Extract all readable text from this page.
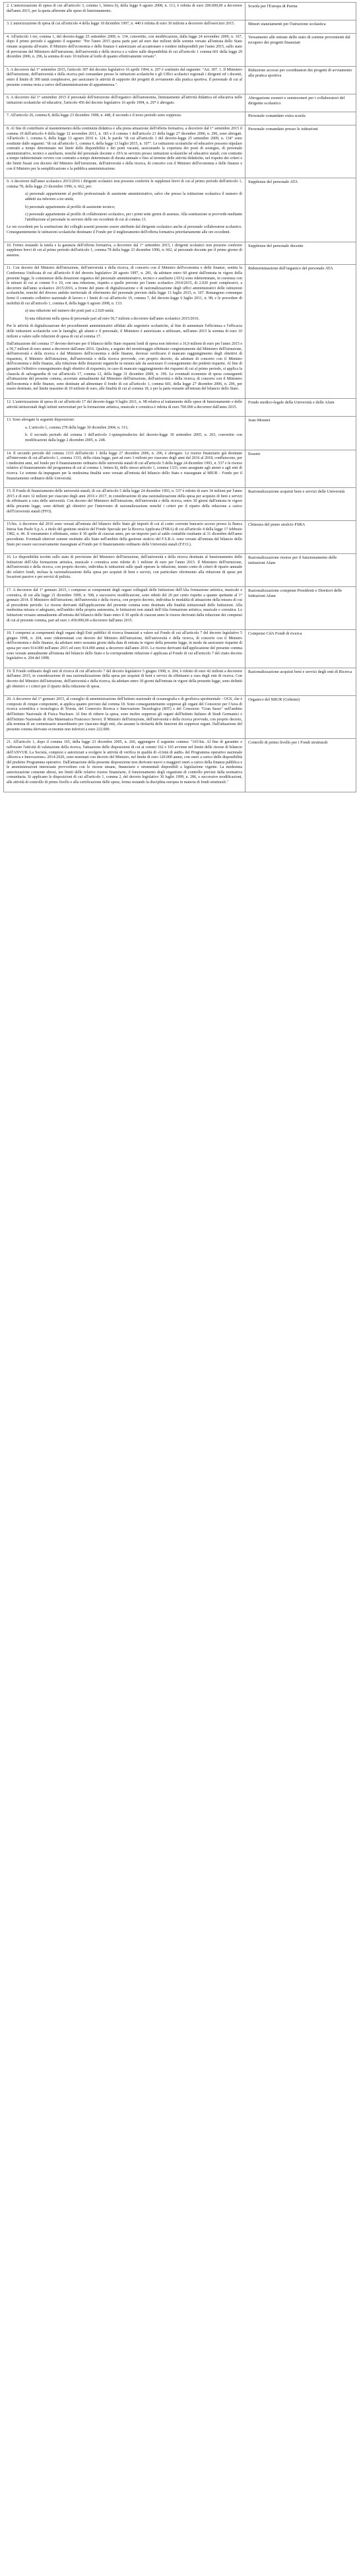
2. L'autorizzazione di spesa di cui all'articolo 3, comma 1, lettera b), della legge 9 agosto 2008, n. 113, è ridotta di euro 200.000,00 a decorrere dall'anno 2015, per la quota afferente alle spese di funzionamento.	Scuola per l'Europa di Parma

3. L'autorizzazione di spesa di cui all'articolo 4 della legge 18 dicembre 1997, n. 440 è ridotta di euro 30 milioni a decorrere dall'esercizio 2015.	Minori stanziamenti per l'istruzione scolastica

4. All'articolo 1-ter, comma 1, del decreto-legge 25 settembre 2009, n. 134, convertito, con modificazioni, dalla legge 24 novembre 2009, n. 167, dopo il primo periodo è aggiunto il seguente: "Per l'anno 2015 quota parte pari ad euro due milioni delle somme versate all'entrata dello Stato rimane acquisita all'erario. Il Ministro dell'economia e delle finanze è autorizzato ad accantonare e rendere indisponibili per l'anno 2015, sullo stato di previsione del Ministero dell'istruzione, dell'università e della ricerca e a valere sulle disponibilità di cui all'articolo 1 comma 601 della legge 29 dicembre 2006, n. 296, la somma di euro 10 milioni al lordo di quanto effettivamente versato".	Versamento alle entrate dello stato di somme provenienti dal recupero dei progetti finanziati

5. A decorrere dal 1° settembre 2015, l'articolo 307 del decreto legislativo 16 aprile 1994, n. 297 è sostituito dal seguente: "Art. 307. 1. Il Ministero dell'istruzione, dell'università e della ricerca può comandare presso le istituzioni scolastiche e gli Uffici scolastici regionali i dirigenti ed i docenti, entro il limite di 300 unità complessive, per assicurare le attività di supporto dei progetti di avviamento alla pratica sportiva. Il personale di cui al presente comma resta a carico dell'amministrazione di appartenenza.".	Riduzione accessi per coordinatori dei progetti di avviamento alla pratica sportiva

6. A decorrere dal 1° settembre 2015 il personale dell'istruzione dell'organico dell'autonomia, limitatamente all'attività didattica ed educativa nelle istituzioni scolastiche ed educative, l'articolo 456 del decreto legislativo 16 aprile 1994, n. 297 è abrogato.	Abrogazione esoneri e semiesoneri per i collaboratori del dirigente scolastico

7. All'articolo 26, comma 8, della legge 23 dicembre 1998, n. 448, il secondo e il terzo periodo sono soppressi.	Personale comandato extra scuola

8. Al fine di contribuire al mantenimento della continuità didattica e alla piena attuazione dell'offerta formativa, a decorrere dal 1° settembre 2015 il comma 19 dell'articolo 4 della legge 12 novembre 2011, n. 183 e il comma 1 dell'articolo 21 della legge 27 dicembre 2006, n. 296, sono abrogati. All'articolo 1, comma 6, della legge 13 agosto 2010 n. 124, le parole "di cui all'articolo 1 del decreto-legge 25 settembre 2009, n. 134" sono sostituite dalle seguenti: "di cui all'articolo 1, comma 6, della legge 13 luglio 2015, n. 107". Le istituzioni scolastiche ed educative possono stipulare contratti a tempo determinato nei limiti delle disponibilità e dei posti vacanti, assicurando la copertura dei posti di sostegno, di personale amministrativo, tecnico e ausiliario, nonché del personale docente e ATA in servizio presso istituzioni scolastiche ed educative statali, con contratto a tempo indeterminato ovvero con contratto a tempo determinato di durata annuale o fino al termine delle attività didattiche, nel rispetto dei criteri e dei limiti fissati con decreto del Ministro dell'istruzione, dell'università e della ricerca, di concerto con il Ministro dell'economia e delle finanze e con il Ministro per la semplificazione e la pubblica amministrazione.	Personale comandato presso le istituzioni

9. A decorrere dall'anno scolastico 2015/2016 i dirigenti scolastici non possono conferire le supplenze brevi di cui al primo periodo dell'articolo 1, comma 78, della legge 23 dicembre 1996, n. 662, per:

a) personale appartenente al profilo professionale di assistente amministrativo, salvo che presso la istituzione scolastica il numero di addetti sia inferiore a tre unità;

b) personale appartenente al profilo di assistente tecnico;

c) personale appartenente al profilo di collaboratore scolastico, per i primi sette giorni di assenza. Alla sostituzione si provvede mediante l'attribuzione al personale in servizio delle ore eccedenti di cui al comma 13.

Le ore eccedenti per la sostituzione dei colleghi assenti possono essere attribuite dal dirigente scolastico anche al personale collaboratore scolastico. Conseguentemente le istituzioni scolastiche destinano il Fondo per il miglioramento dell'offerta formativa prioritariamente alle ore eccedenti.	Supplenze del personale ATA

10. Fermo restando la tutela e la garanzia dell'offerta formativa, a decorrere dal 1° settembre 2015, i dirigenti scolastici non possono conferire supplenze brevi di cui al primo periodo dell'articolo 1, comma 78 della legge 23 dicembre 1996, n. 662, al personale docente per il primo giorno di assenza.	Supplenze del personale docente

11. Con decreto del Ministro dell'istruzione, dell'università e della ricerca, di concerto con il Ministro dell'economia e delle finanze, sentita la Conferenza Unificata di cui all'articolo 8 del decreto legislativo 28 agosto 1997, n. 281, da adottare entro 60 giorni dall'entrata in vigore della presente legge, le consistenze della dotazione organica del personale amministrativo, tecnico e ausiliario (ATA) sono rideterminate, in coerenza con le misure di cui ai commi 9 e 10, con una riduzione, rispetto a quelle previste per l'anno scolastico 2014/2015, di 2.020 posti complessivi, a decorrere dall'anno scolastico 2015/2016, a fronte del piano di digitalizzazione e di razionalizzazione degli uffici amministrativi delle istituzioni scolastiche, nonché del diverso ambito territoriale di riferimento del personale previsto dalla legge 13 luglio 2015, n. 107. Rimangono comunque fermi il contratto collettivo nazionale di lavoro e i limiti di cui all'articolo 19, comma 7, del decreto-legge 6 luglio 2011, n. 98, e le procedure di mobilità di cui all'articolo 1, comma 8, della legge 6 agosto 2008, n. 133:

a) una riduzione nel numero dei posti pari a 2.020 unità;

b) una riduzione nella spesa di personale pari ad euro 50,7 milioni a decorrere dall'anno scolastico 2015/2016.

Per le attività di digitalizzazione dei procedimenti amministrativi affidati alle segreterie scolastiche, al fine di aumentare l'efficienza e l'efficacia delle istituzioni scolastiche con le famiglie, gli alunni e il personale, il Ministero è autorizzato a utilizzare, nell'anno 2015 la somma di euro 10 milioni a valere sulle riduzioni di spesa di cui al comma 17.

Dall'attuazione del comma 17 devono derivare per il bilancio dello Stato risparmi lordi di spesa non inferiori a 16,9 milioni di euro per l'anno 2015 e a 50,7 milioni di euro annui a decorrere dall'anno 2016. Qualora, a seguito del monitoraggio effettuato congiuntamente dal Ministero dell'istruzione, dell'università e della ricerca e dal Ministero dell'economia e delle finanze, dovesse verificarsi il mancato raggiungimento degli obiettivi di risparmio, il Ministro dell'istruzione, dell'università e della ricerca provvede, con proprio decreto, da adottare di concerto con il Ministro dell'economia e delle finanze, alla riduzione delle dotazioni organiche in misura tale da assicurare il conseguimento dei predetti risparmi. Al fine di garantire l'effettivo conseguimento degli obiettivi di risparmio, in caso di mancato raggiungimento dei risparmi di cui al primo periodo, si applica la clausola di salvaguardia di cui all'articolo 17, comma 12, della legge 31 dicembre 2009, n. 196. Le eventuali economie di spesa conseguenti all'attuazione del presente comma, accertate annualmente dal Ministero dell'istruzione, dell'università e della ricerca, di concerto con il Ministero dell'economia e delle finanze, sono destinate ad alimentare il fondo di cui all'articolo 1, comma 601, della legge 27 dicembre 2006, n. 296, per essere destinate, nel limite massimo di 10 milioni di euro, alle finalità di cui al comma 18, e per la parte restante all'entrata del bilancio dello Stato.	Rideterminazione dell'organico del personale ATA

12. L'autorizzazione di spesa di cui all'articolo 17 del decreto-legge 9 luglio 2011, n. 98 relativa al trattamento delle spese di funzionamento e delle attività istituzionali degli istituti universitari per la formazione artistica, musicale e coreutica è ridotta di euro 700.000 a decorrere dall'anno 2015.	Fondo medico-legale della Università e delle Afam

13. Sono abrogate le seguenti disposizioni:

a. L'articolo 1, comma 278 della legge 30 dicembre 2004, n. 311;

b. il secondo periodo del comma 3 dell'articolo 1-quinquiesdecies del decreto-legge 30 settembre 2005, n. 203, convertito con modificazioni dalla legge 2 dicembre 2005, n. 248.	Jean-Monnet

14. Il secondo periodo del comma 1333 dell'articolo 1 della legge 27 dicembre 2006, n. 296, è abrogato. Le risorse finanziarie già destinate all'intervento di cui all'articolo 1, comma 1333, della citata legge, pari ad euro 3 milioni per ciascuno degli anni dal 2016 al 2018, confluiscono, per i medesimi anni, nel fondo per il finanziamento ordinario delle università statali di cui all'articolo 5 della legge 24 dicembre 1993, n. 537 e le risorse relative al finanziamento del programma di cui al comma 1, lettera b), dello stesso articolo 1, comma 1333, sono assegnate agli atenei e agli enti di ricerca. Le somme da impegnare per la medesima finalità sono versate all'entrata del bilancio dello Stato e riassegnate al MIUR - Fondo per il finanziamento ordinario delle Università.	Erasmi

15. Il Fondo di finanziamento delle università statali, di cui all'articolo 5 della legge 24 dicembre 1993, n. 537 è ridotto di euro 34 milioni per l'anno 2015 e di euro 32 milioni per ciascuno degli anni 2016 e 2017, in considerazione di una razionalizzazione della spesa per acquisto di beni e servizi da effettuarsi a cura delle università. Con decreto del Ministero dell'istruzione, dell'università e della ricerca, entro 30 giorni dall'entrata in vigore della presente legge, sono definiti gli obiettivi per l'intervento di razionalizzazione nonché i criteri per il riparto della riduzione a carico dell'Università statali (FFO).	Razionalizzazione acquisti beni e servizi delle Università

15-bis. A decorrere dal 2016 sono versati all'entrata del bilancio dello Stato gli importi di cui al conto corrente bancario acceso presso la Banca Intesa San Paolo S.p.A. a titolo del gestione stralcio del Fondo Speciale per la Ricerca Applicata (FSRA) di cui all'articolo 4 della legge 17 febbraio 1982, n. 46. Il versamento è effettuato, entro il 30 aprile di ciascun anno, per un importo pari al saldo contabile risultante al 31 dicembre dell'anno precedente. Eventuali ulteriori somme restituite allo Stato nell'ambito della gestione stralcio del F.S.R.A. sono versate all'entrata del bilancio dello Stato per essere successivamente riassegnate al Fondo per il finanziamento ordinario delle Università statali (F.F.O.).	Chiusura del piano stralcio FSRA

16. Le disponibilità iscritte sullo stato di previsione del Ministero dell'istruzione, dell'università e della ricerca destinate al funzionamento delle Istituzioni dell'Alta formazione artistica, musicale e coreutica sono ridotte di 1 milione di euro per l'anno 2015. Il Ministero dell'istruzione, dell'università e della ricerca, con proprio decreto, individua le istituzioni sulle quali operare la riduzione, tenuto conto di criteri di riparto annuale dei relativi fondi, inclusa la razionalizzazione della spesa per acquisti di beni e servizi, con particolare riferimento alla riduzione di spese per locazioni passive e per servizi di pulizia.	Razionalizzazione risorse per il funzionamento delle istituzioni Afam

17. A decorrere dal 1° gennaio 2015, i compensi ai componenti degli organi collegiali delle Istituzioni dell'Alta formazione artistica, musicale e coreutica, di cui alla legge 21 dicembre 1999, n. 508, e successive modificazioni, sono ridotti del 20 per cento rispetto a quanto spettante al 1° gennaio 2014. Il Ministero dell'istruzione, dell'università e della ricerca, con proprio decreto, individua le modalità di attuazione della misura di cui al precedente periodo. Le risorse derivanti dall'applicazione del presente comma sono destinate alle finalità istituzionali delle Istituzioni. Alla medesima misura si adeguano, nell'ambito della propria autonomia, le Istituzioni non statali dell'Alta formazione artistica, musicale e coreutica. Le Istituzioni versano annualmente all'entrata del bilancio dello Stato entro il 30 aprile di ciascun anno le risorse derivanti dalla riduzione dei compensi di cui al presente comma, pari ad euro 1.450.000,00 a decorrere dall'anno 2015.	Razionalizzazione compensi Presidenti e Direttori delle Istituzioni Afam

18. I compensi ai componenti degli organi degli Enti pubblici di ricerca finanziati a valere sul Fondo di cui all'articolo 7 del decreto legislativo 5 giugno 1998, n. 204, sono rideterminati con decreto del Ministro dell'istruzione, dell'università e della ricerca, di concerto con il Ministro dell'economia e delle finanze, da adottare entro sessanta giorni dalla data di entrata in vigore della presente legge, in modo da assicurare risparmi di spesa per euro 914.000 nell'anno 2015 ed euro 914.000 annui a decorrere dall'anno 2016. Le risorse derivanti dall'applicazione del presente comma sono versate annualmente all'entrata del bilancio dello Stato e la corrispondente riduzione è applicata al Fondo di cui all'articolo 7 del citato decreto legislativo n. 204 del 1998.	Compensi CdA Fondi di ricerca

19. Il Fondo ordinario degli enti di ricerca di cui all'articolo 7 del decreto legislativo 5 giugno 1998, n. 204, è ridotto di euro 42 milioni a decorrere dall'anno 2015, in considerazione di una razionalizzazione della spesa per acquisti di beni e servizi da effettuarsi a cura degli enti di ricerca. Con decreto del Ministro dell'istruzione, dell'università e della ricerca, da adottare entro 30 giorni dall'entrata in vigore della presente legge, sono definiti gli obiettivi e i criteri per il riparto della riduzione di spesa.	Razionalizzazione acquisti beni e servizi degli enti di Ricerca

20. A decorrere dal 1° gennaio 2015, al consiglio di amministrazione dell'Istituto nazionale di oceanografia e di geofisica sperimentale - OGS, che è composto di cinque componenti, si applica quanto previsto dal comma 18. Sono conseguentemente soppressi gli organi del Consorzio per l'Area di ricerca scientifica e tecnologica di Trieste, del Consorzio Ricerca e Innovazione Tecnologica (RIT) e del Consorzio "Gran Sasso" nell'ambito dell'Istituto Nazionale di Fisica Nucleare. Al fine di ridurre la spesa, sono inoltre soppressi gli organi dell'Istituto Italiano di Studi Germanici e dell'Istituto Nazionale di Alta Matematica Francesco Severi. Il Ministro dell'istruzione, dell'università e della ricerca provvede, con proprio decreto, alla nomina di un commissario straordinario per ciascuno degli enti, che assume la titolarità delle funzioni dei soppressi organi. Dall'attuazione del presente comma derivano economie non inferiori a euro 222.000.	Organico del MIUR (Gelmini)

21. All'articolo 1, dopo il comma 165, della legge 23 dicembre 2005, n. 266, aggiungere il seguente comma: "165-bis. Al fine di garantire e rafforzare l'attività di valutazione della ricerca, l'attuazione delle disposizioni di cui ai commi 162 e 165 avviene nel limite delle risorse di bilancio dell'ANVUR. La Società, compresi e autorizzati a svolgere le attività di verifica in qualità di «Unità di audit» del Programma operativo nazionale «Ricerca e Innovazione» 2014-2020, sono nominati con decreto del Ministro, nel limite di euro 120.000 annui, con oneri a carico delle disponibilità del predetto Programma operativo. Dall'attuazione della presente disposizione non derivano nuovi o maggiori oneri a carico della finanza pubblica e le amministrazioni interessate provvedono con le risorse umane, finanziarie e strumentali disponibili a legislazione vigente. La medesima autorizzazione consente altresì, nei limiti delle relative risorse finanziarie, il funzionamento degli organismi di controllo previsti dalla normativa comunitaria. Si applicano le disposizioni di cui all'articolo 1, comma 2, del decreto legislativo 30 luglio 1999, n. 286, e successive modificazioni, alle attività di controllo di primo livello e alla certificazione delle spese, ferma restando la disciplina europea in materia di fondi strutturali."	Controlli di primo livello per i Fondi strutturali
